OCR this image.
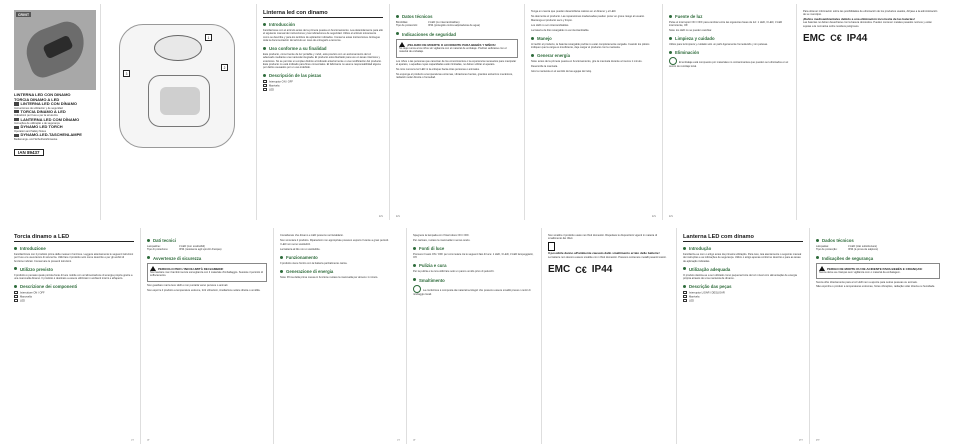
CRIVIT
LINTERNA LED CON DINAMO
TORCIA DINAMO A LED
LINTERNA LED CON DÍNAMO
Instrucciones de utilización y de seguridad
TORCIA DINAMO A LED
Indicazioni per l'uso e per la sicurezza
LANTERNA LED COM DÍNAMO
Instruções de utilização e de segurança
DYNAMO LED TORCH
Operation and Safety Notes
DYNAMO-LED-TASCHENLAMPE
Bedienungs- und Sicherheitshinweise
IAN 89437
1
2
3
Linterna led con dinamo
Introducción
Familiarícese con el artículo antes de la primera puesta en funcionamiento. Lea detenidamente para ello el siguiente manual de instrucciones y las indicaciones de seguridad. Utilice el artículo únicamente como se describe y para los ámbitos de aplicación indicados. Conserve estas instrucciones. Entregue toda la documentación del artículo en caso de entregarlo a terceros.
Uso conforme a su finalidad
Este producto, como fuente de luz portable y móvil, está previsto con un accionamiento de luz adecuado mediante una manivela integrada. El producto está diseñado para uso en áreas interiores y exteriores. No se permite un empleo distinto al indicado anteriormente o una modificación del producto. Este producto no está indicado para fines comerciales. El fabricante no asume responsabilidad alguna por daños causados por un uso indebido.
Descripción de las piezas
Interruptor ON / OFF
Manivela
LED
ES
Datos técnicos
Bombillas:	3 LED (no intercambiables)
Tipo de protección:	IP44 (protegido contra salpicaduras de agua)
Indicaciones de seguridad
¡PELIGRO DE MUERTE O ACCIDENTE PARA BEBÉS Y NIÑOS!
No deje nunca a los niños sin vigilancia con el material de embalaje. Podrían asfixiarse con el material de embalaje.
Los niños o las personas que carezcan de los conocimientos o la experiencia necesarios para manipular el aparato, o aquellas cuyas capacidades estén limitadas, no deben utilizar el aparato.
No mire nunca la luz LED ni la enfoque hacia otras personas o animales.
No exponga el producto a temperaturas extremas, vibraciones fuertes, grandes esfuerzos mecánicos, radiación solar directa o humedad.
ES
Tenga en cuenta que pueden desarrollarse calores en el dinamo y el LED.
No desmonte el producto. Las reparaciones inadecuadas pueden poner en grave riesgo al usuario.
Mantenga el producto seco y limpio.
Los LED no son intercambiables.
La batería de litio recargable no es intercambiable.
Manejo
Al recibir el producto, la batería recargable podría no estar completamente cargada. Cuando los pilotos indiquen que la carga es insuficiente, deje cargar el producto con la manivela.
Generar energía
Nota: antes de la primera puesta en funcionamiento, gire la manivela durante al menos 1 minuto.
Desenrolle la manivela.
Gire la manivela en el sentido de las agujas del reloj.
ES
Fuente de luz
Pulse el interruptor ON / OFF para cambiar entre las siguientes fases de luz: 1 LED, 3 LED, 3 LED intermitente, Off.
Nota: los LED no se pueden cambiar.
Limpieza y cuidado
Utilice para la limpieza y cuidado solo un paño ligeramente humedecido y sin pelusas.
Eliminación
El embalaje está compuesto por materiales no contaminantes que pueden ser eliminados en el centro de reciclaje local.
ES
Para obtener información sobre las posibilidades de eliminación de los productos usados, diríjase a la administración de su municipio.
¡Daños medioambientales debido a una eliminación incorrecta de las baterías!
Las baterías no deben desecharse con la basura doméstica. Pueden contener metales pesados nocivos y están sujetas a la normativa sobre residuos peligrosos.
EMC C€ IP44
Torcia dinamo a LED
Introduzione
Familiarizzare con il prodotto prima della messa in funzione. Leggere attentamente le seguenti istruzioni per l'uso e le avvertenze di sicurezza. Utilizzare il prodotto solo come descritto e per gli ambiti di funzione indicati. Conservare le presenti istruzioni.
Utilizzo previsto
Il prodotto è pensato quale piccola fonte di luce mobile con un'alimentazione di energia propria grazie a una manovella dinamo. Il prodotto è destinato a essere utilizzato in ambienti interni e all'aperto.
Descrizione dei componenti
Interruttore ON / OFF
Manovella
LED
IT
Dati tecnici
Lampadine:	3 LED (non sostituibili)
Tipo di protezione:	IP44 (resistente agli spruzzi d'acqua)
Avvertenze di sicurezza
PERICOLO PER L'INCOLUMITÀ DEI BAMBINI!
Non lasciare mai i bambini senza sorveglianza con il materiale d'imballaggio. Sussiste il pericolo di soffocamento.
Non guardare mai la luce LED e non puntarla verso persone o animali.
Non esporre il prodotto a temperature estreme, forti vibrazioni, irradiazione solare diretta o umidità.
IT
Considerare che dinamo e LED possono surriscaldarsi.
Non smontare il prodotto. Riparazioni non appropriate possono esporre l'utente a gravi pericoli.
I LED non sono sostituibili.
La batteria al litio non è sostituibile.
Funzionamento
Il prodotto viene fornito con la batteria parzialmente carica.
Generazione di energia
Nota: Prima della prima messa in funzione ruotare la manovella per almeno 1 minuto.
IT
Spegnere la lampada con l'interruttore ON / OFF.
Per caricare, ruotare la manovella in senso orario.
Fonti di luce
Premere il tasto ON / OFF per commutare tra le seguenti fasi di luce: 1 LED, 3 LED, 3 LED lampeggianti, Off.
Pulizia e cura
Per la pulizia e la cura utilizzare solo un panno umido privo di pelucchi.
Smaltimento
La confezione è composta da materiali ecologici che possono essere smaltiti presso i centri di riciclaggio locali.
IT
Non smaltire il prodotto usato nei rifiuti domestici. Rispettare le disposizioni vigenti in materia di smaltimento dei rifiuti.
Il possibile danno all'ambiente causato dallo smaltimento errato delle batterie!
Le batterie non devono essere smaltite con i rifiuti domestici. Possono contenere metalli pesanti tossici.
EMC C€ IP44
Lanterna LED com dínamo
Introdução
Familiarize-se com o artigo antes da primeira utilização. Para isso, leia atentamente o seguinte manual de instruções e as indicações de segurança. Utilize o artigo apenas conforme descrito e para as áreas de aplicação indicadas.
Utilização adequada
O produto destina-se a ser utilizado como pequena fonte de luz móvel com alimentação de energia própria através de uma manivela de dínamo.
Descrição das peças
Interruptor LIGAR / DESLIGAR
Manivela
LED
PT
Dados técnicos
Lâmpadas:	3 LED (não substituíveis)
Tipo de protecção:	IP44 (à prova de salpicos)
Indicações de segurança
PERIGO DE MORTE OU DE ACIDENTE PARA BEBÉS E CRIANÇAS!
Nunca deixe as crianças sem vigilância com o material da embalagem.
Nunca olhe directamente para a luz LED nem a aponte para outras pessoas ou animais.
Não exponha o produto a temperaturas extremas, fortes vibrações, radiação solar directa ou humidade.
PT
